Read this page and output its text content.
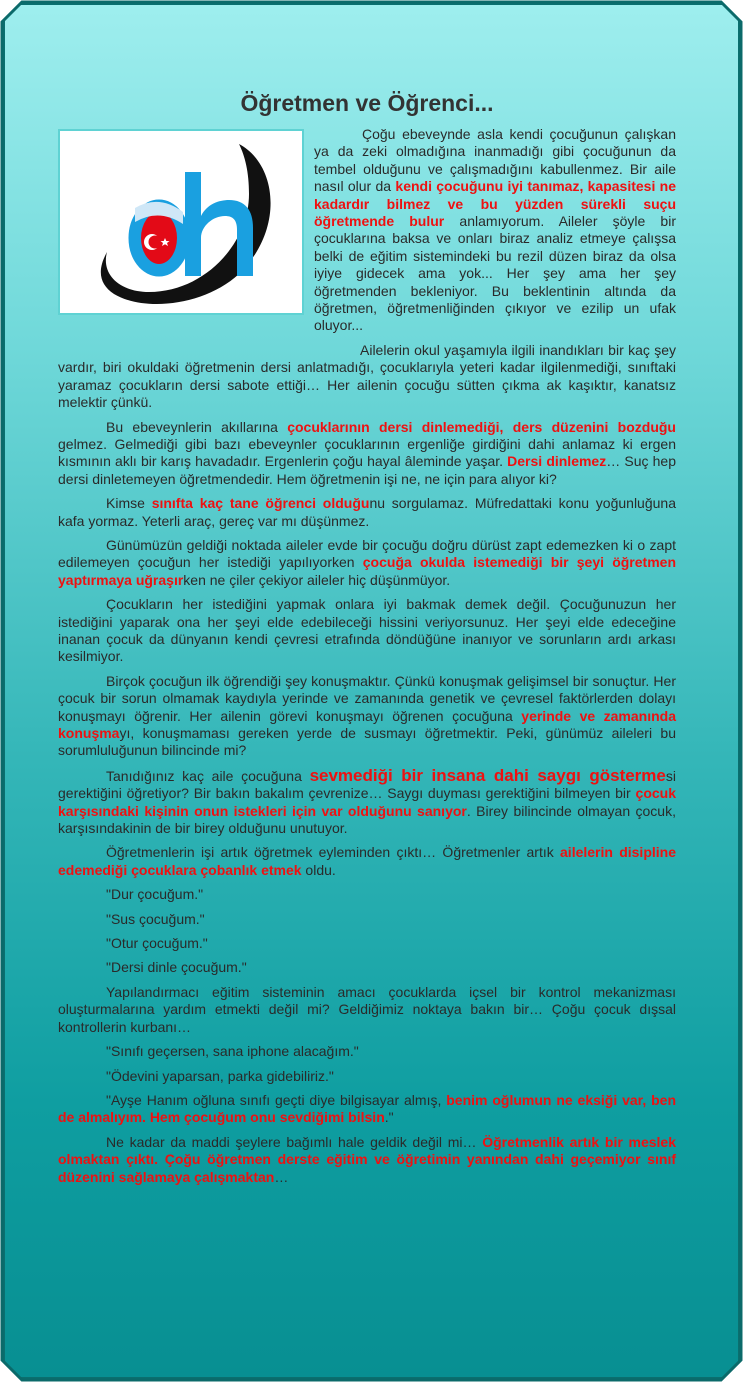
Öğretmen ve Öğrenci...

Çoğu ebeveynde asla kendi çocuğunun çalışkan ya da zeki olmadığına inanmadığı gibi çocuğunun da tembel olduğunu ve çalışmadığını kabullenmez. Bir aile nasıl olur da kendi çocuğunu iyi tanımaz, kapasitesi ne kadardır bilmez ve bu yüzden sürekli suçu öğretmende bulur anlamıyorum. Aileler şöyle bir çocuklarına baksa ve onları biraz analiz etmeye çalışsa belki de eğitim sistemindeki bu rezil düzen biraz da olsa iyiye gidecek ama yok... Her şey ama her şey öğretmenden bekleniyor. Bu beklentinin altında da öğretmen, öğretmenliğinden çıkıyor ve ezilip un ufak oluyor...

Ailelerin okul yaşamıyla ilgili inandıkları bir kaç şey vardır, biri okuldaki öğretmenin dersi anlatmadığı, çocuklarıyla yeteri kadar ilgilenmediği, sınıftaki yaramaz çocukların dersi sabote ettiği… Her ailenin çocuğu sütten çıkma ak kaşıktır, kanatsız melektir çünkü.

Bu ebeveynlerin akıllarına çocuklarının dersi dinlemediği, ders düzenini bozduğu gelmez. Gelmediği gibi bazı ebeveynler çocuklarının ergenliğe girdiğini dahi anlamaz ki ergen kısmının aklı bir karış havadadır. Ergenlerin çoğu hayal âleminde yaşar. Dersi dinlemez… Suç hep dersi dinletemeyen öğretmendedir. Hem öğretmenin işi ne, ne için para alıyor ki?

Kimse sınıfta kaç tane öğrenci olduğunu sorgulamaz. Müfredattaki konu yoğunluğuna kafa yormaz. Yeterli araç, gereç var mı düşünmez.

Günümüzün geldiği noktada aileler evde bir çocuğu doğru dürüst zapt edemezken ki o zapt edilemeyen çocuğun her istediği yapılıyorken çocuğa okulda istemediği bir şeyi öğretmen yaptırmaya uğraşırken ne çiler çekiyor aileler hiç düşünmüyor.

Çocukların her istediğini yapmak onlara iyi bakmak demek değil. Çocuğunuzun her istediğini yaparak ona her şeyi elde edebileceği hissini veriyorsunuz. Her şeyi elde edeceğine inanan çocuk da dünyanın kendi çevresi etrafında döndüğüne inanıyor ve sorunların ardı arkası kesilmiyor.

Birçok çocuğun ilk öğrendiği şey konuşmaktır. Çünkü konuşmak gelişimsel bir sonuçtur. Her çocuk bir sorun olmamak kaydıyla yerinde ve zamanında genetik ve çevresel faktörlerden dolayı konuşmayı öğrenir. Her ailenin görevi konuşmayı öğrenen çocuğuna yerinde ve zamanında konuşmayı, konuşmaması gereken yerde de susmayı öğretmektir. Peki, günümüz aileleri bu sorumluluğunun bilincinde mi?

Tanıdığınız kaç aile çocuğuna sevmediği bir insana dahi saygı göstermesi gerektiğini öğretiyor? Bir bakın bakalım çevrenize… Saygı duyması gerektiğini bilmeyen bir çocuk karşısındaki kişinin onun istekleri için var olduğunu sanıyor. Birey bilincinde olmayan çocuk, karşısındakinin de bir birey olduğunu unutuyor.

Öğretmenlerin işi artık öğretmek eyleminden çıktı… Öğretmenler artık ailelerin disipline edemediği çocuklara çobanlık etmek oldu.

"Dur çocuğum."

"Sus çocuğum."

"Otur çocuğum."

"Dersi dinle çocuğum."

Yapılandırmacı eğitim sisteminin amacı çocuklarda içsel bir kontrol mekanizması oluşturmalarına yardım etmekti değil mi? Geldiğimiz noktaya bakın bir… Çoğu çocuk dışsal kontrollerin kurbanı…

"Sınıfı geçersen, sana iphone alacağım."

"Ödevini yaparsan, parka gidebiliriz."

"Ayşe Hanım oğluna sınıfı geçti diye bilgisayar almış, benim oğlumun ne eksiği var, ben de almalıyım. Hem çocuğum onu sevdiğimi bilsin."

Ne kadar da maddi şeylere bağımlı hale geldik değil mi… Öğretmenlik artık bir meslek olmaktan çıktı. Çoğu öğretmen derste eğitim ve öğretimin yanından dahi geçemiyor sınıf düzenini sağlamaya çalışmaktan…
